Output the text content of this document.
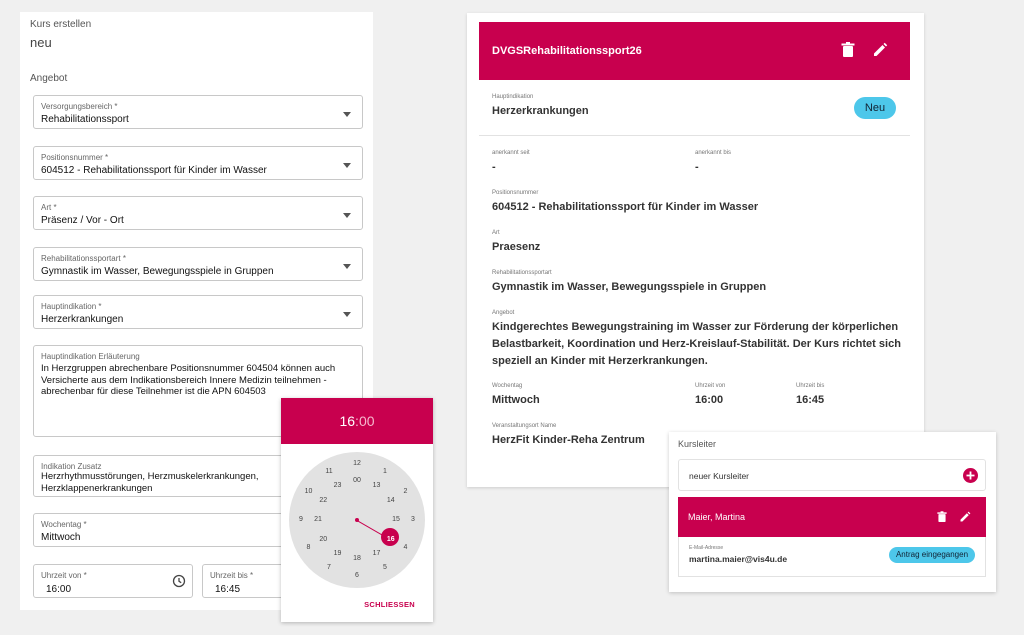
Kurs erstellen
neu
Angebot
Versorgungsbereich *
Rehabilitationssport
Positionsnummer *
604512 - Rehabilitationssport für Kinder im Wasser
Art *
Präsenz / Vor - Ort
Rehabilitationssportart *
Gymnastik im Wasser, Bewegungsspiele in Gruppen
Hauptindikation *
Herzerkrankungen
Hauptindikation Erläuterung
In Herzgruppen abrechenbare Positionsnummer 604504 können auch
Versicherte aus dem Indikationsbereich Innere Medizin teilnehmen -
abrechenbar für diese Teilnehmer ist die APN 604503
Indikation Zusatz
Herzrhythmusstörungen, Herzmuskelerkrankungen,
Herzklappenerkrankungen
Wochentag *
Mittwoch
Uhrzeit von *
16:00
Uhrzeit bis *
16:45
16:00
12
1
2
3
4
5
6
7
8
9
10
11
00
13
14
15
16
17
18
19
20
21
22
23
SCHLIESSEN
DVGSRehabilitationssport26
Hauptindikation
Herzerkrankungen	Neu
anerkannt seit
-
anerkannt bis
-
Positionsnummer
604512 - Rehabilitationssport für Kinder im Wasser
Art
Praesenz
Rehabilitationssportart
Gymnastik im Wasser, Bewegungsspiele in Gruppen
Angebot
Kindgerechtes Bewegungstraining im Wasser zur Förderung der körperlichen
Belastbarkeit, Koordination und Herz-Kreislauf-Stabilität. Der Kurs richtet sich
speziell an Kinder mit Herzerkrankungen.
Wochentag
Mittwoch
Uhrzeit von
16:00
Uhrzeit bis
16:45
Veranstaltungsort Name
HerzFit Kinder-Reha Zentrum	Kursleiter
neuer Kursleiter
Maier, Martina
E-Mail-Adresse
martina.maier@vis4u.de	Antrag eingegangen
